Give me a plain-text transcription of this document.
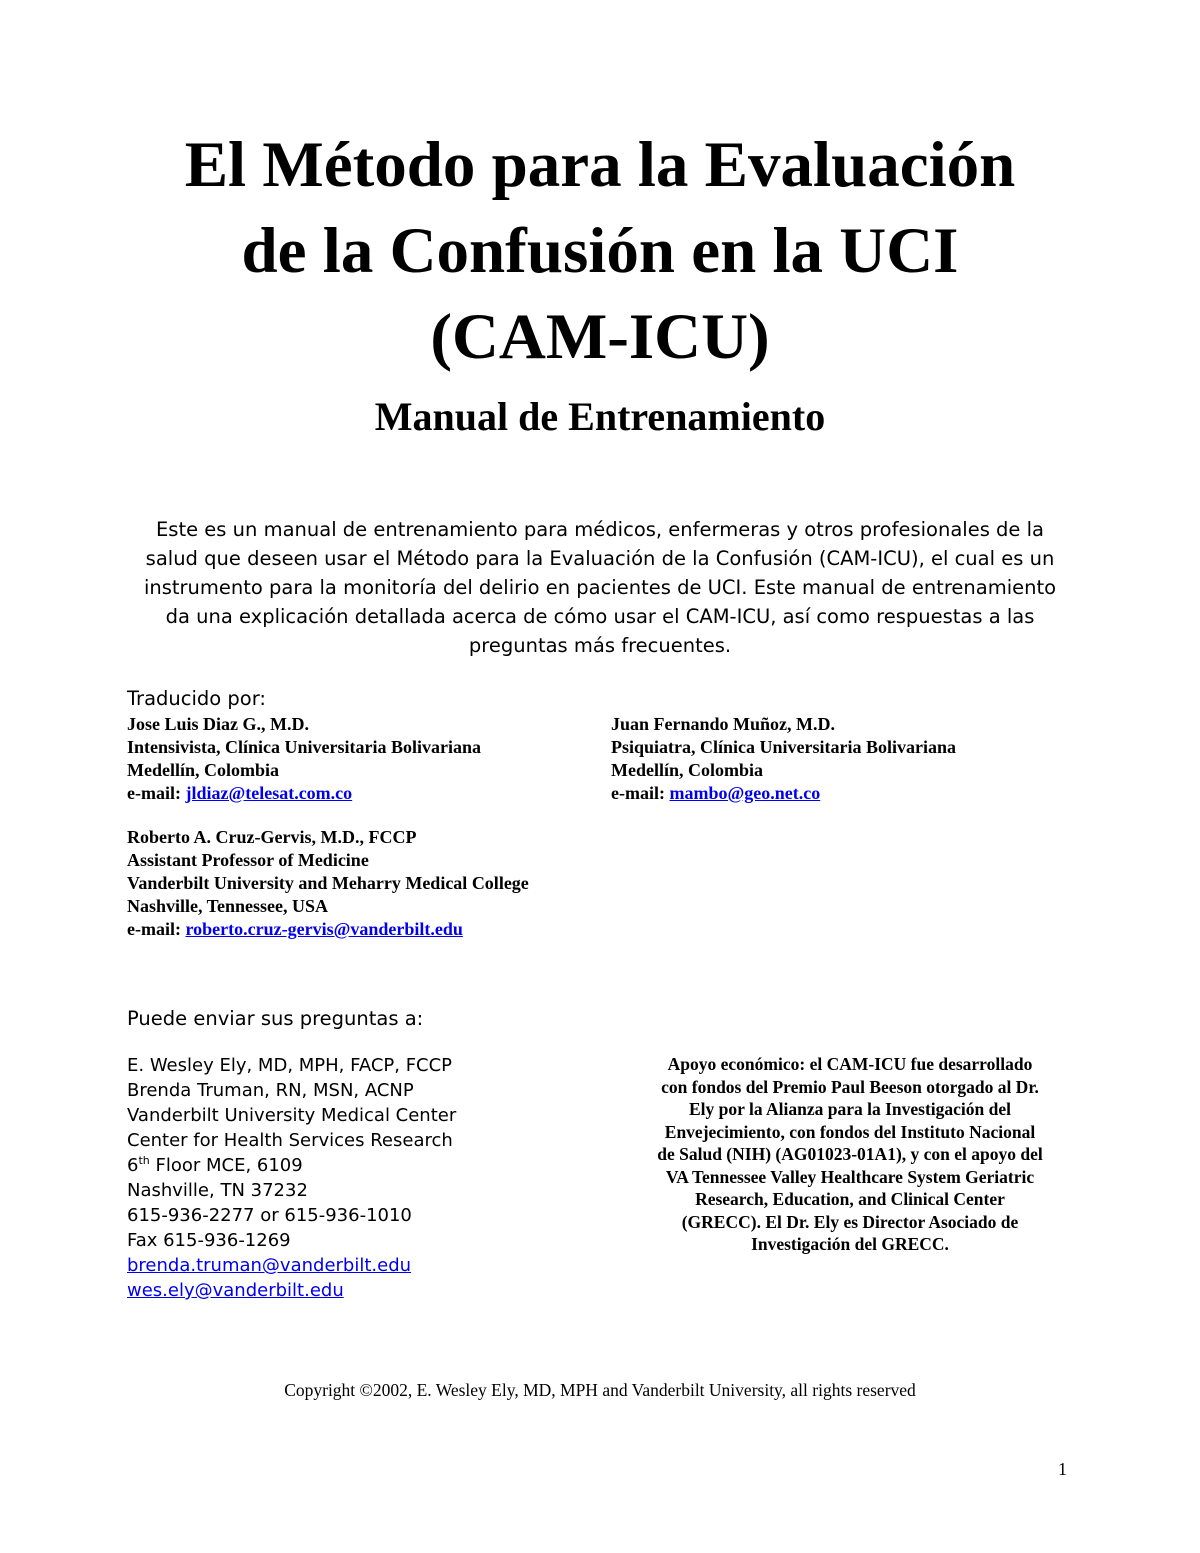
El Método para la Evaluación
de la Confusión en la UCI
(CAM-ICU)
Manual de Entrenamiento
Este es un manual de entrenamiento para médicos, enfermeras y otros profesionales de la
salud que deseen usar el Método para la Evaluación de la Confusión (CAM-ICU), el cual es un
instrumento para la monitoría del delirio en pacientes de UCI. Este manual de entrenamiento
da una explicación detallada acerca de cómo usar el CAM-ICU, así como respuestas a las
preguntas más frecuentes.
Traducido por:
Jose Luis Diaz G., M.D.
Intensivista, Clínica Universitaria Bolivariana
Medellín, Colombia
e-mail: jldiaz@telesat.com.co
Juan Fernando Muñoz, M.D.
Psiquiatra, Clínica Universitaria Bolivariana
Medellín, Colombia
e-mail: mambo@geo.net.co
Roberto A. Cruz-Gervis, M.D., FCCP
Assistant Professor of Medicine
Vanderbilt University and Meharry Medical College
Nashville, Tennessee, USA
e-mail: roberto.cruz-gervis@vanderbilt.edu
Puede enviar sus preguntas a:
E. Wesley Ely, MD, MPH, FACP, FCCP
Brenda Truman, RN, MSN, ACNP
Vanderbilt University Medical Center
Center for Health Services Research
6th Floor MCE, 6109
Nashville, TN 37232
615-936-2277 or 615-936-1010
Fax 615-936-1269
brenda.truman@vanderbilt.edu
wes.ely@vanderbilt.edu
Apoyo económico: el CAM-ICU fue desarrollado
con fondos del Premio Paul Beeson otorgado al Dr.
Ely por la Alianza para la Investigación del
Envejecimiento, con fondos del Instituto Nacional
de Salud (NIH) (AG01023-01A1), y con el apoyo del
VA Tennessee Valley Healthcare System Geriatric
Research, Education, and Clinical Center
(GRECC). El Dr. Ely es Director Asociado de
Investigación del GRECC.
Copyright ©2002, E. Wesley Ely, MD, MPH and Vanderbilt University, all rights reserved
1
